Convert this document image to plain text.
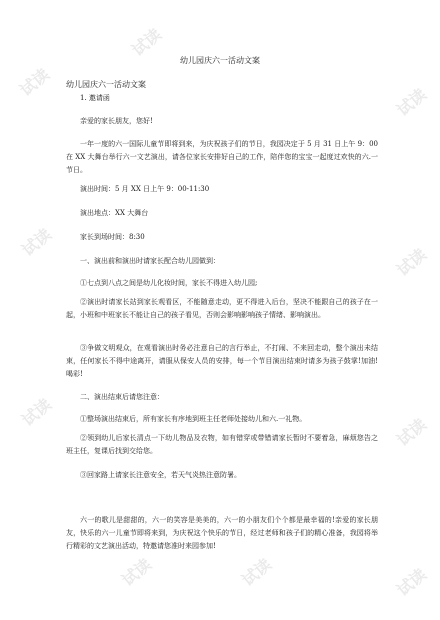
试读
试读
试读
试读
试读
试读
试读
试读	试读	试读
幼儿园庆六一活动文案
幼儿园庆六一活动文案
1. 邀请函
亲爱的家长朋友，您好!
一年一度的六一国际儿童节即将到来，为庆祝孩子们的节日，我园决定于 5 月 31 日上午 9：00 在 XX 大舞台举行六一文艺演出，请各位家长安排好自己的工作，陪伴您的宝宝一起度过欢快的六.一节日。
演出时间：5 月 XX 日上午 9：00-11:30
演出地点：XX 大舞台
家长到场时间：8:30
一、演出前和演出时请家长配合幼儿园做到：
①七点到八点之间是幼儿化妆时间，家长不得进入幼儿园;
②演出时请家长站到家长观看区，不能随意走动，更不得进入后台，坚决不能跟自己的孩子在一起，小班和中班家长不能让自己的孩子看见，否则会影响影响孩子情绪、影响演出。
③争做文明观众，在观看演出时务必注意自己的言行举止，不打闹、不来回走动，整个演出未结束，任何家长不得中途离开，请服从保安人员的安排，每一个节目演出结束时请多为孩子鼓掌!加油!喝彩!
二、演出结束后请您注意：
①整场演出结束后，所有家长有序地到班主任老师处接幼儿和六.一礼物。
②领到幼儿后家长清点一下幼儿物品及衣物，如有错穿或带错请家长暂时不要着急，麻烦您告之班主任，复课后找到交给您。
③回家路上请家长注意安全，若天气炎热注意防暑。
六一的歌儿是甜甜的，六一的笑容是美美的，六一的小朋友们个个都是最幸福的!亲爱的家长朋友，快乐的六一儿童节即将来到，为庆祝这个快乐的节日，经过老师和孩子们的精心准备，我园将举行精彩的文艺演出活动，特邀请您准时来园参加!
